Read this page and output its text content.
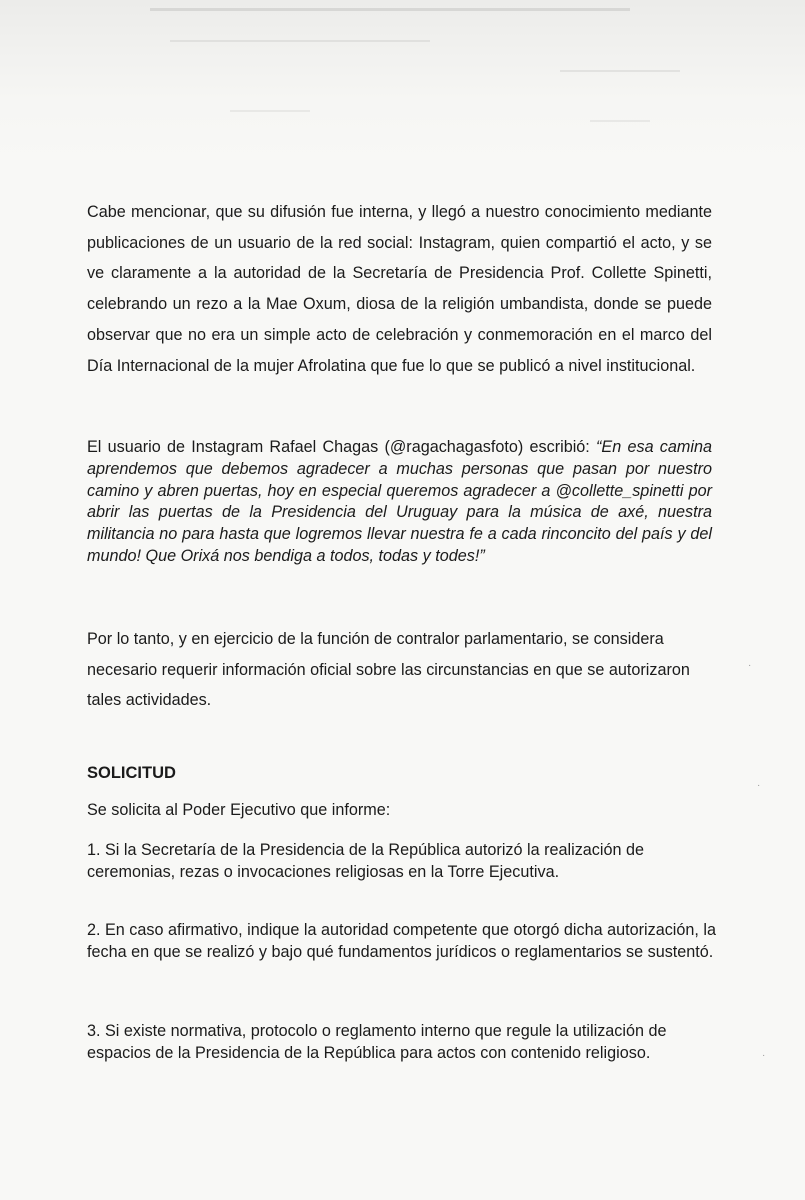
Cabe mencionar, que su difusión fue interna, y llegó a nuestro conocimiento mediante publicaciones de un usuario de la red social: Instagram, quien compartió el acto, y se ve claramente a la autoridad de la Secretaría de Presidencia Prof. Collette Spinetti, celebrando un rezo a la Mae Oxum, diosa de la religión umbandista, donde se puede observar que no era un simple acto de celebración y conmemoración en el marco del Día Internacional de la mujer Afrolatina que fue lo que se publicó a nivel institucional.

El usuario de Instagram Rafael Chagas (@ragachagasfoto) escribió: “En esa camina aprendemos que debemos agradecer a muchas personas que pasan por nuestro camino y abren puertas, hoy en especial queremos agradecer a @collette_spinetti por abrir las puertas de la Presidencia del Uruguay para la música de axé, nuestra militancia no para hasta que logremos llevar nuestra fe a cada rinconcito del país y del mundo! Que Orixá nos bendiga a todos, todas y todes!”

Por lo tanto, y en ejercicio de la función de contralor parlamentario, se considera necesario requerir información oficial sobre las circunstancias en que se autorizaron tales actividades.

SOLICITUD

Se solicita al Poder Ejecutivo que informe:

1. Si la Secretaría de la Presidencia de la República autorizó la realización de ceremonias, rezas o invocaciones religiosas en la Torre Ejecutiva.

2. En caso afirmativo, indique la autoridad competente que otorgó dicha autorización, la fecha en que se realizó y bajo qué fundamentos jurídicos o reglamentarios se sustentó.

3. Si existe normativa, protocolo o reglamento interno que regule la utilización de espacios de la Presidencia de la República para actos con contenido religioso.

·
·
·
